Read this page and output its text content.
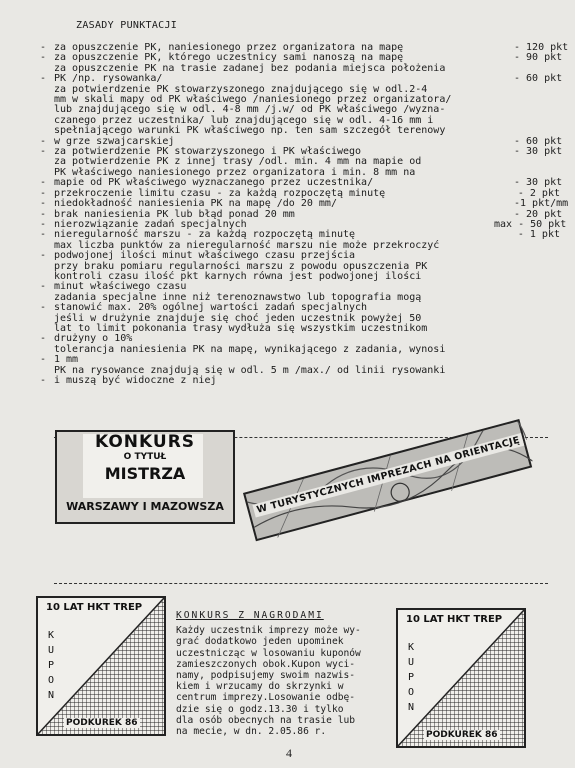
ZASADY PUNKTACJI
- za opuszczenie PK, naniesionego przez organizatora na mapę	- 120 pkt
- za opuszczenie PK, którego uczestnicy sami nanoszą na mapę	- 90 pkt
-
za opuszczenie PK na trasie zadanej bez podania miejsca położenia
PK /np. rysowanka/	- 60 pkt
-
za potwierdzenie PK stowarzyszonego znajdującego się w odl.2-4
mm w skali mapy od PK właściwego /naniesionego przez organizatora/
lub znajdującego się w odl. 4-8 mm /j.w/ od PK właściwego /wyzna-
czanego przez uczestnika/ lub znajdującego się w odl. 4-16 mm i
spełniającego warunki PK właściwego np. ten sam szczegół terenowy
w grze szwajcarskiej	- 60 pkt
- za potwierdzenie PK stowarzyszonego i PK właściwego	- 30 pkt
-
za potwierdzenie PK z innej trasy /odl. min. 4 mm na mapie od
PK właściwego naniesionego przez organizatora i min. 8 mm na
mapie od PK właściwego wyznaczanego przez uczestnika/	- 30 pkt
- przekroczenie limitu czasu - za każdą rozpoczętą minutę	- 2 pkt
- niedokładność naniesienia PK na mapę /do 20 mm/	-1 pkt/mm
- brak naniesienia PK lub błąd ponad 20 mm	- 20 pkt
- nierozwiązanie zadań specjalnych	max - 50 pkt
- nieregularność marszu - za każdą rozpoczętą minutę	- 1 pkt
-
max liczba punktów za nieregularność marszu nie może przekroczyć
podwojonej ilości minut właściwego czasu przejścia
-
przy braku pomiaru regularności marszu z powodu opuszczenia PK
kontroli czasu ilość pkt karnych równa jest podwojonej ilości
minut właściwego czasu
-
zadania specjalne inne niż terenoznawstwo lub topografia mogą
stanowić max. 20% ogólnej wartości zadań specjalnych
-
jeśli w drużynie znajduje się choć jeden uczestnik powyżej 50
lat to limit pokonania trasy wydłuża się wszystkim uczestnikom
drużyny o 10%
-
tolerancja naniesienia PK na mapę, wynikającego z zadania, wynosi
1 mm
-
PK na rysowance znajdują się w odl. 5 m /max./ od linii rysowanki
i muszą być widoczne z niej
KONKURS
O TYTUŁ
MISTRZA
WARSZAWY I MAZOWSZA	W TURYSTYCZNYCH IMPREZACH NA ORIENTACJĘ
10 LAT HKT TREP
K
U
P
O
N
PODKUREK 86
KONKURS Z NAGRODAMI
Każdy uczestnik imprezy może wy-
grać dodatkowo jeden upominek
uczestnicząc w losowaniu kuponów
zamieszczonych obok.Kupon wyci-
namy, podpisujemy swoim nazwis-
kiem i wrzucamy do skrzynki w
centrum imprezy.Losowanie odbę-
dzie się o godz.13.30 i tylko
dla osób obecnych na trasie lub
na mecie, w dn. 2.05.86 r.
10 LAT HKT TREP
K
U
P
O
N
PODKUREK 86
4
